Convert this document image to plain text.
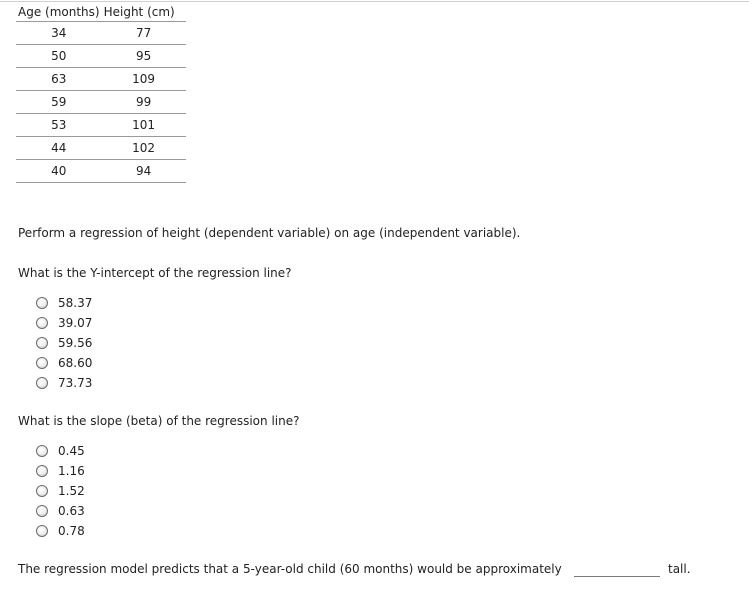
Age (months)	Height (cm)
34	77
50	95
63	109
59	99
53	101
44	102
40	94

Perform a regression of height (dependent variable) on age (independent variable).

What is the Y-intercept of the regression line?

58.37
39.07
59.56
68.60
73.73

What is the slope (beta) of the regression line?

0.45
1.16
1.52
0.63
0.78

The regression model predicts that a 5-year-old child (60 months) would be approximately	tall.
